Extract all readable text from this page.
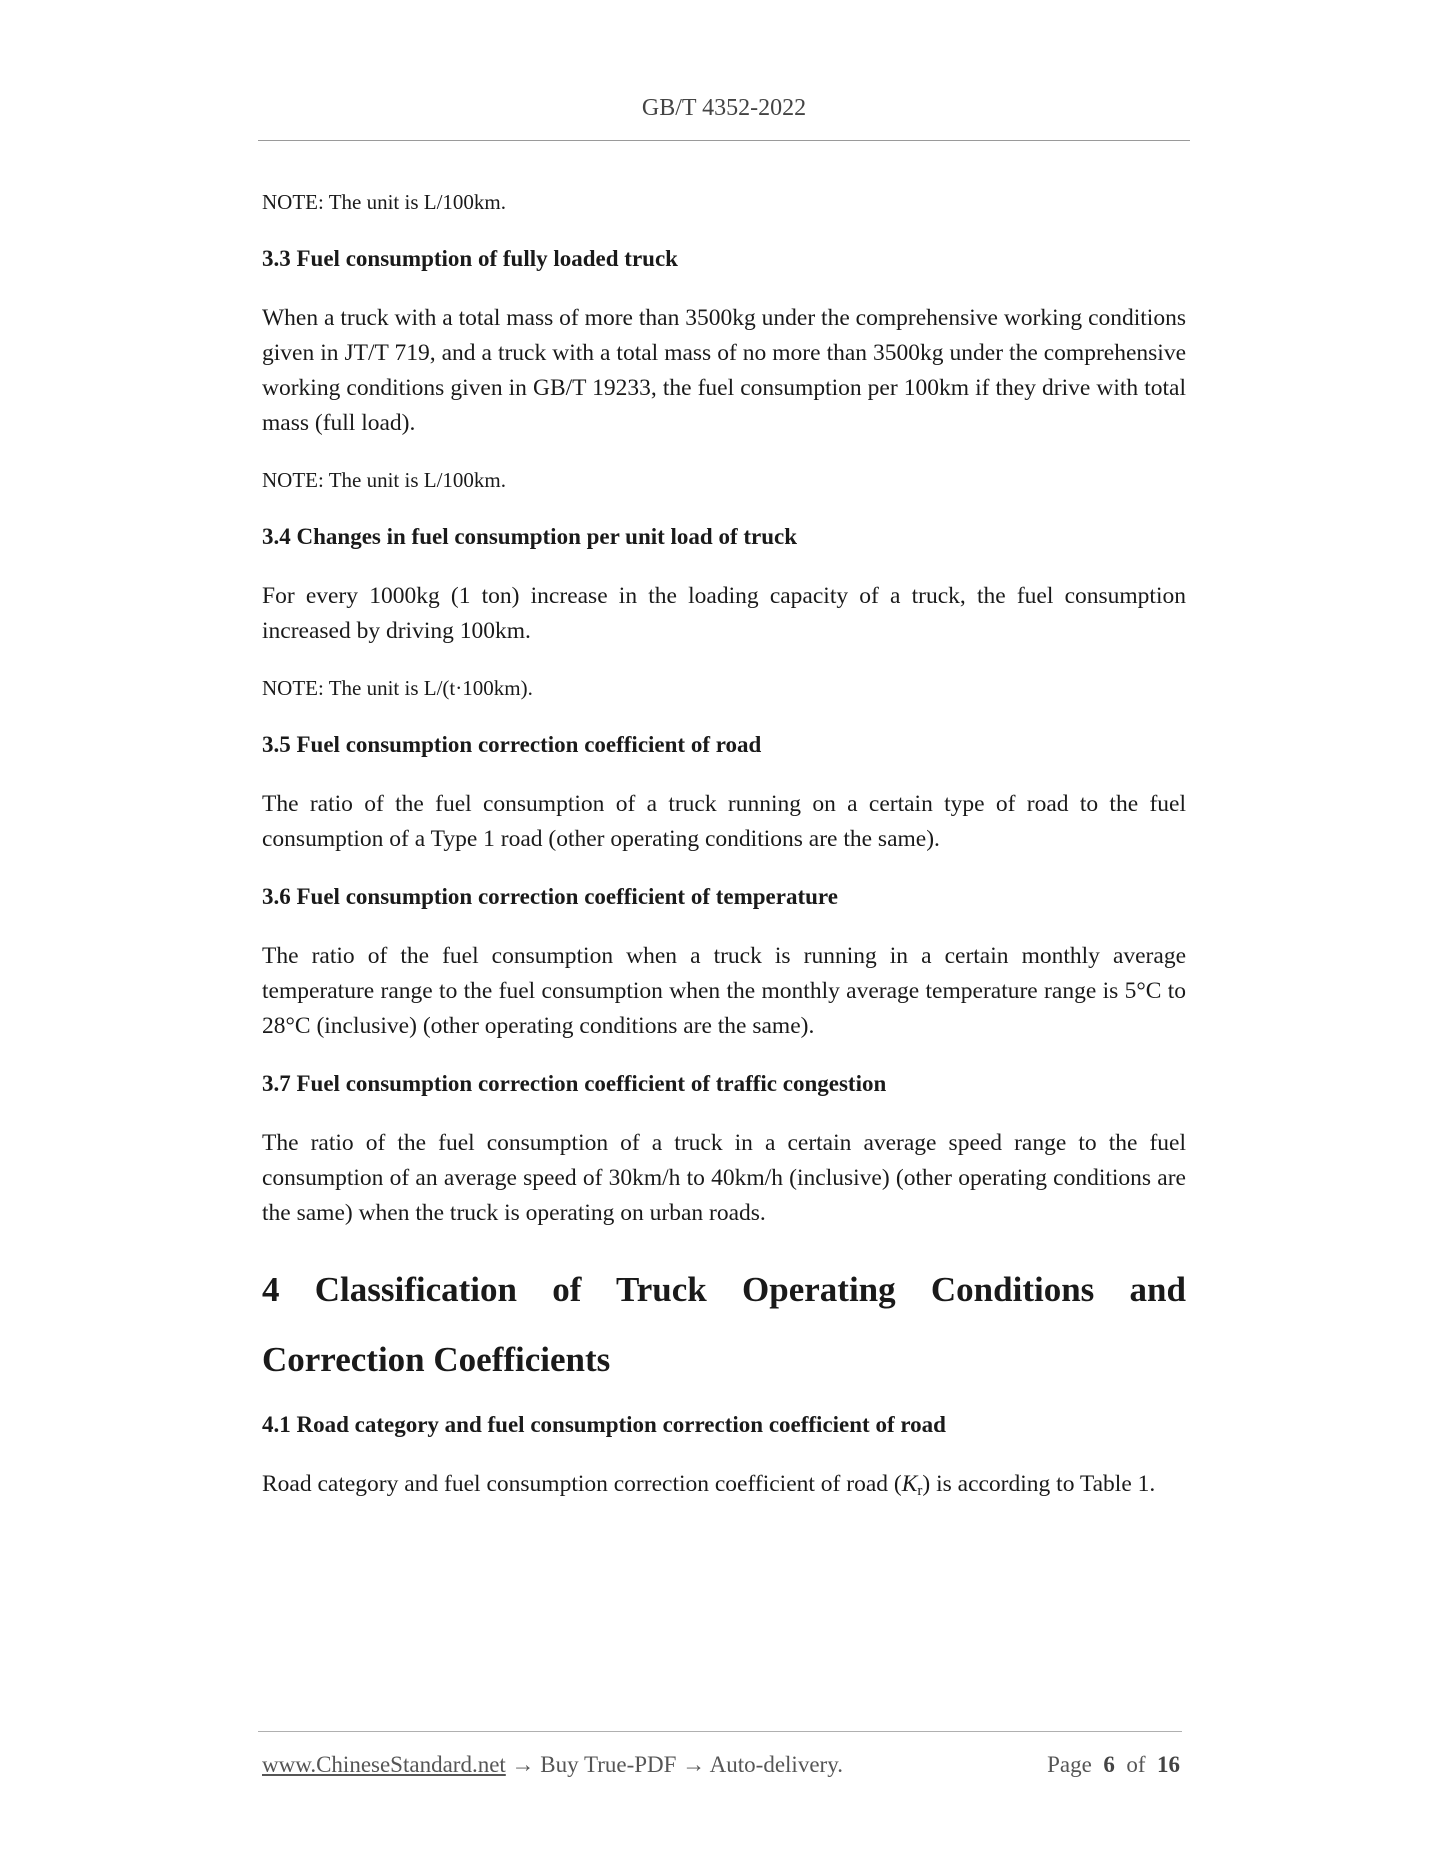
GB/T 4352-2022

NOTE: The unit is L/100km.

3.3 Fuel consumption of fully loaded truck

When a truck with a total mass of more than 3500kg under the comprehensive working conditions given in JT/T 719, and a truck with a total mass of no more than 3500kg under the comprehensive working conditions given in GB/T 19233, the fuel consumption per 100km if they drive with total mass (full load).

NOTE: The unit is L/100km.

3.4 Changes in fuel consumption per unit load of truck

For every 1000kg (1 ton) increase in the loading capacity of a truck, the fuel consumption increased by driving 100km.

NOTE: The unit is L/(t·100km).

3.5 Fuel consumption correction coefficient of road

The ratio of the fuel consumption of a truck running on a certain type of road to the fuel consumption of a Type 1 road (other operating conditions are the same).

3.6 Fuel consumption correction coefficient of temperature

The ratio of the fuel consumption when a truck is running in a certain monthly average temperature range to the fuel consumption when the monthly average temperature range is 5°C to 28°C (inclusive) (other operating conditions are the same).

3.7 Fuel consumption correction coefficient of traffic congestion

The ratio of the fuel consumption of a truck in a certain average speed range to the fuel consumption of an average speed of 30km/h to 40km/h (inclusive) (other operating conditions are the same) when the truck is operating on urban roads.

4 Classification of Truck Operating Conditions and
Correction Coefficients

4.1 Road category and fuel consumption correction coefficient of road

Road category and fuel consumption correction coefficient of road (Kr) is according to Table 1.

www.ChineseStandard.net → Buy True-PDF → Auto-delivery.	Page 6 of 16
